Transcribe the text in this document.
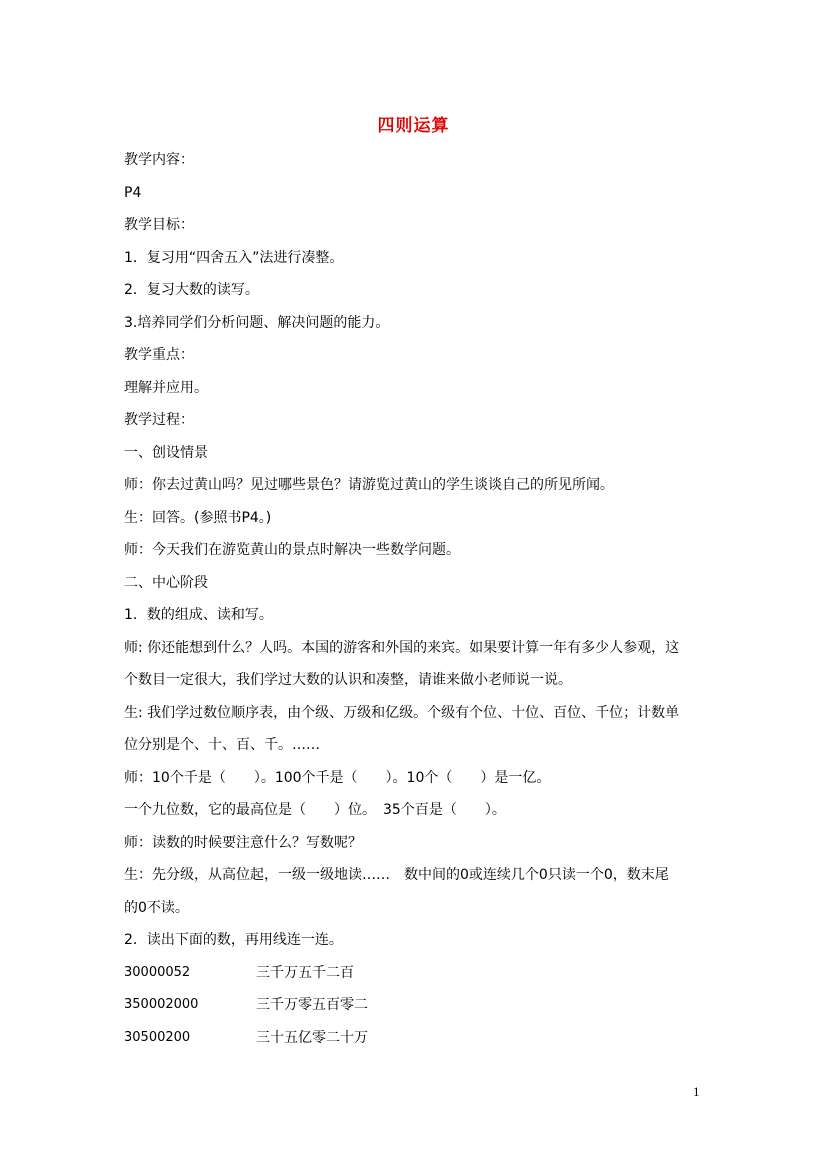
四则运算
教学内容：
P4
教学目标：
1．复习用“四舍五入”法进行凑整。
2．复习大数的读写。
3.培养同学们分析问题、解决问题的能力。
教学重点：
理解并应用。
教学过程：
一、创设情景
师：你去过黄山吗？见过哪些景色？请游览过黄山的学生谈谈自己的所见所闻。
生：回答。(参照书P4。)
师：今天我们在游览黄山的景点时解决一些数学问题。
二、中心阶段
1．数的组成、读和写。
师: 你还能想到什么？人吗。本国的游客和外国的来宾。如果要计算一年有多少人参观，这
个数目一定很大，我们学过大数的认识和凑整，请谁来做小老师说一说。
生: 我们学过数位顺序表，由个级、万级和亿级。个级有个位、十位、百位、千位；计数单
位分别是个、十、百、千。……
师：10个千是（　　）。100个千是（　　）。10个（　　）是一亿。
一个九位数，它的最高位是（　　）位。　35个百是（　　）。
师：读数的时候要注意什么？写数呢？
生：先分级，从高位起，一级一级地读……　数中间的0或连续几个0只读一个0，数末尾
的0不读。
2．读出下面的数，再用线连一连。
30000052	三千万五千二百
350002000	三千万零五百零二
30500200	三十五亿零二十万
1
